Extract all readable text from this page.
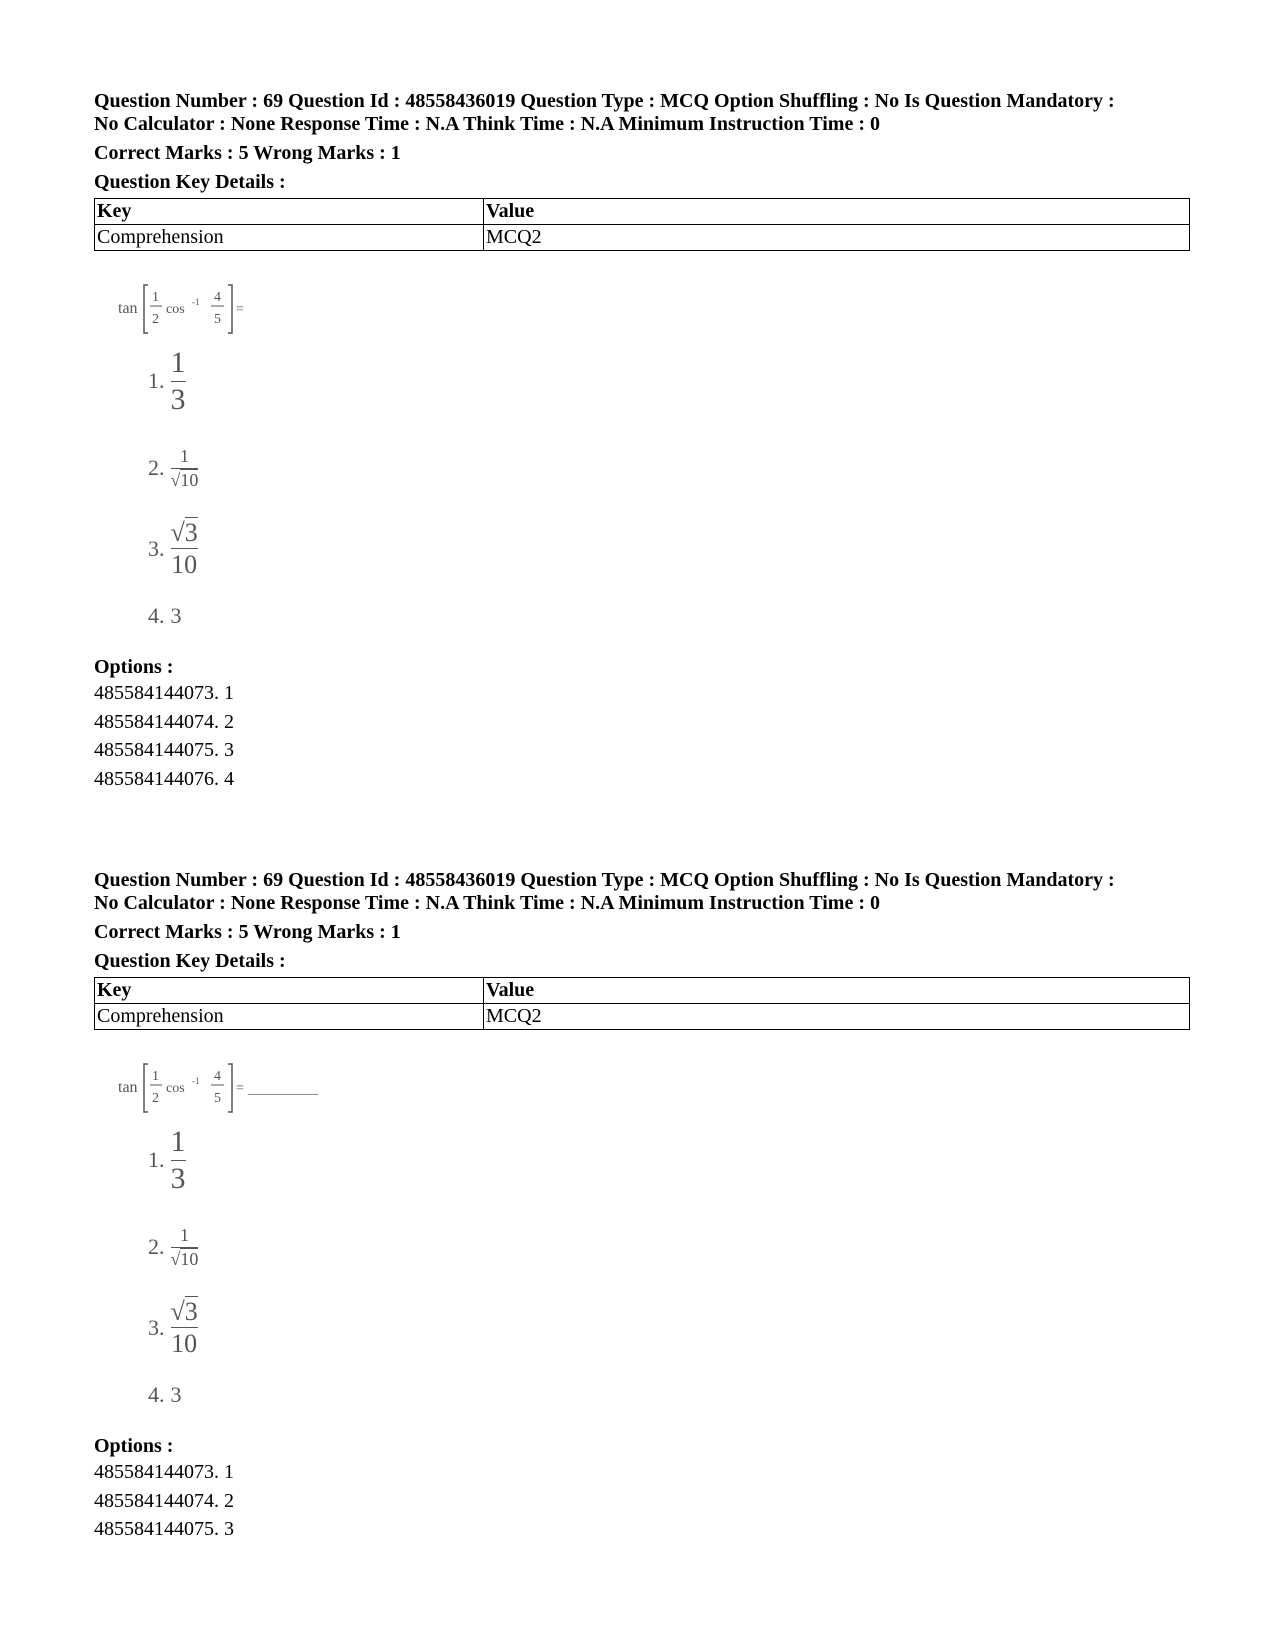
Question Number : 69 Question Id : 48558436019 Question Type : MCQ Option Shuffling : No Is Question Mandatory :
No Calculator : None Response Time : N.A Think Time : N.A Minimum Instruction Time : 0
Correct Marks : 5 Wrong Marks : 1
Question Key Details :
Key	Value
Comprehension	MCQ2
tan
1
2
cos -1 4
5
=
1. $\frac{1}{3}$
2. $\frac{1}{√10}$
3. $\frac{√3}{10}$
4. 3
Options :
485584144073. 1
485584144074. 2
485584144075. 3
485584144076. 4
Question Number : 69 Question Id : 48558436019 Question Type : MCQ Option Shuffling : No Is Question Mandatory :
No Calculator : None Response Time : N.A Think Time : N.A Minimum Instruction Time : 0
Correct Marks : 5 Wrong Marks : 1
Question Key Details :
Key	Value
Comprehension	MCQ2
tan
1
2
cos -1 4
5
= __________
1. $\frac{1}{3}$
2. $\frac{1}{√10}$
3. $\frac{√3}{10}$
4. 3
Options :
485584144073. 1
485584144074. 2
485584144075. 3
